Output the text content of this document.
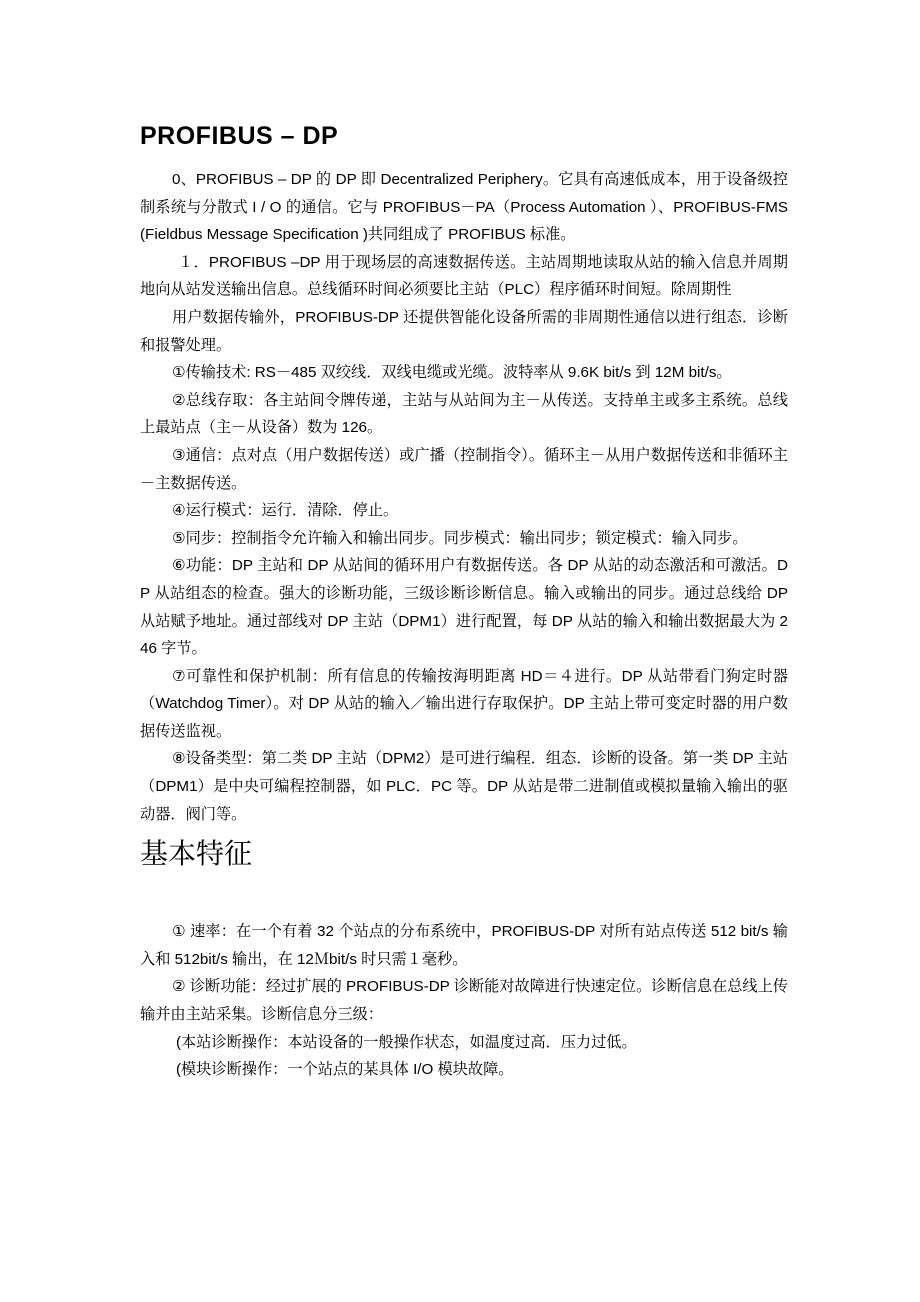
PROFIBUS – DP

0、PROFIBUS – DP 的 DP 即 Decentralized Periphery。它具有高速低成本，用于设备级控制系统与分散式 I / O 的通信。它与 PROFIBUS－PA（Process Automation ）、PROFIBUS-FMS (Fieldbus Message Specification )共同组成了 PROFIBUS 标准。

１．PROFIBUS –DP 用于现场层的高速数据传送。主站周期地读取从站的输入信息并周期地向从站发送输出信息。总线循环时间必须要比主站（PLC）程序循环时间短。除周期性

用户数据传输外，PROFIBUS-DP 还提供智能化设备所需的非周期性通信以进行组态．诊断和报警处理。

①传输技术: RS－485 双绞线．双线电缆或光缆。波特率从 9.6K bit/s 到 12M bit/s。

②总线存取：各主站间令牌传递，主站与从站间为主－从传送。支持单主或多主系统。总线上最站点（主－从设备）数为 126。

③通信：点对点（用户数据传送）或广播（控制指令）。循环主－从用户数据传送和非循环主－主数据传送。

④运行模式：运行．清除．停止。

⑤同步：控制指令允许输入和输出同步。同步模式：输出同步；锁定模式：输入同步。

⑥功能：DP 主站和 DP 从站间的循环用户有数据传送。各 DP 从站的动态激活和可激活。DP 从站组态的检查。强大的诊断功能，三级诊断诊断信息。输入或输出的同步。通过总线给 DP 从站赋予地址。通过部线对 DP 主站（DPM1）进行配置，每 DP 从站的输入和输出数据最大为 246 字节。

⑦可靠性和保护机制：所有信息的传输按海明距离 HD＝４进行。DP 从站带看门狗定时器（Watchdog Timer）。对 DP 从站的输入／输出进行存取保护。DP 主站上带可变定时器的用户数据传送监视。

⑧设备类型：第二类 DP 主站（DPM2）是可进行编程．组态．诊断的设备。第一类 DP 主站（DPM1）是中央可编程控制器，如 PLC．PC 等。DP 从站是带二进制值或模拟量输入输出的驱动器．阀门等。

基本特征

① 速率：在一个有着 32 个站点的分布系统中，PROFIBUS-DP 对所有站点传送 512 bit/s 输入和 512bit/s 输出，在 12Ｍbit/s 时只需１毫秒。

② 诊断功能：经过扩展的 PROFIBUS-DP 诊断能对故障进行快速定位。诊断信息在总线上传输并由主站采集。诊断信息分三级：

(本站诊断操作：本站设备的一般操作状态，如温度过高．压力过低。

(模块诊断操作：一个站点的某具体 I/O 模块故障。
